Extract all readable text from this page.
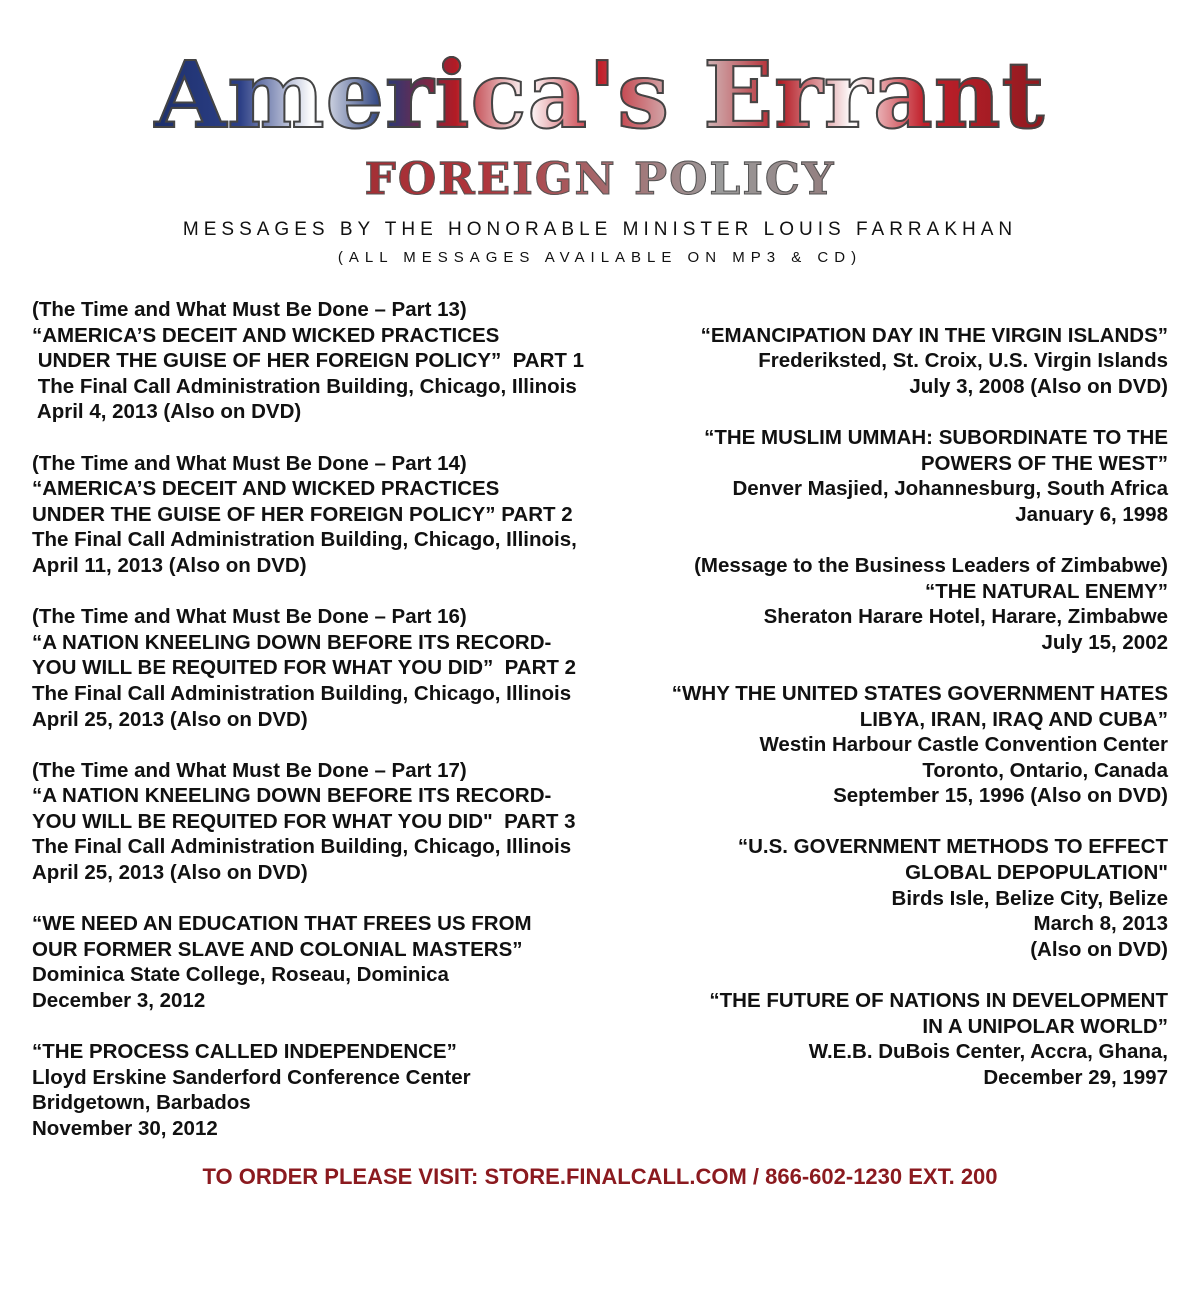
America's Errant
FOREIGN POLICY
MESSAGES BY THE HONORABLE MINISTER LOUIS FARRAKHAN
(ALL MESSAGES AVAILABLE ON MP3 & CD)
(The Time and What Must Be Done – Part 13)
“AMERICA’S DECEIT AND WICKED PRACTICES
UNDER THE GUISE OF HER FOREIGN POLICY”  PART 1
The Final Call Administration Building, Chicago, Illinois
April 4, 2013 (Also on DVD)
(The Time and What Must Be Done – Part 14)
“AMERICA’S DECEIT AND WICKED PRACTICES
UNDER THE GUISE OF HER FOREIGN POLICY” PART 2
The Final Call Administration Building, Chicago, Illinois,
April 11, 2013 (Also on DVD)
(The Time and What Must Be Done – Part 16)
“A NATION KNEELING DOWN BEFORE ITS RECORD-
YOU WILL BE REQUITED FOR WHAT YOU DID”  PART 2
The Final Call Administration Building, Chicago, Illinois
April 25, 2013 (Also on DVD)
(The Time and What Must Be Done – Part 17)
“A NATION KNEELING DOWN BEFORE ITS RECORD-
YOU WILL BE REQUITED FOR WHAT YOU DID"  PART 3
The Final Call Administration Building, Chicago, Illinois
April 25, 2013 (Also on DVD)
“WE NEED AN EDUCATION THAT FREES US FROM
OUR FORMER SLAVE AND COLONIAL MASTERS”
Dominica State College, Roseau, Dominica
December 3, 2012
“THE PROCESS CALLED INDEPENDENCE”
Lloyd Erskine Sanderford Conference Center
Bridgetown, Barbados
November 30, 2012
“EMANCIPATION DAY IN THE VIRGIN ISLANDS”
Frederiksted, St. Croix, U.S. Virgin Islands
July 3, 2008 (Also on DVD)
“THE MUSLIM UMMAH: SUBORDINATE TO THE
POWERS OF THE WEST”
Denver Masjied, Johannesburg, South Africa
January 6, 1998
(Message to the Business Leaders of Zimbabwe)
“THE NATURAL ENEMY”
Sheraton Harare Hotel, Harare, Zimbabwe
July 15, 2002
“WHY THE UNITED STATES GOVERNMENT HATES
LIBYA, IRAN, IRAQ AND CUBA”
Westin Harbour Castle Convention Center
Toronto, Ontario, Canada
September 15, 1996 (Also on DVD)
“U.S. GOVERNMENT METHODS TO EFFECT
GLOBAL DEPOPULATION"
Birds Isle, Belize City, Belize
March 8, 2013
(Also on DVD)
“THE FUTURE OF NATIONS IN DEVELOPMENT
IN A UNIPOLAR WORLD”
W.E.B. DuBois Center, Accra, Ghana,
December 29, 1997
TO ORDER PLEASE VISIT: STORE.FINALCALL.COM / 866-602-1230 EXT. 200
